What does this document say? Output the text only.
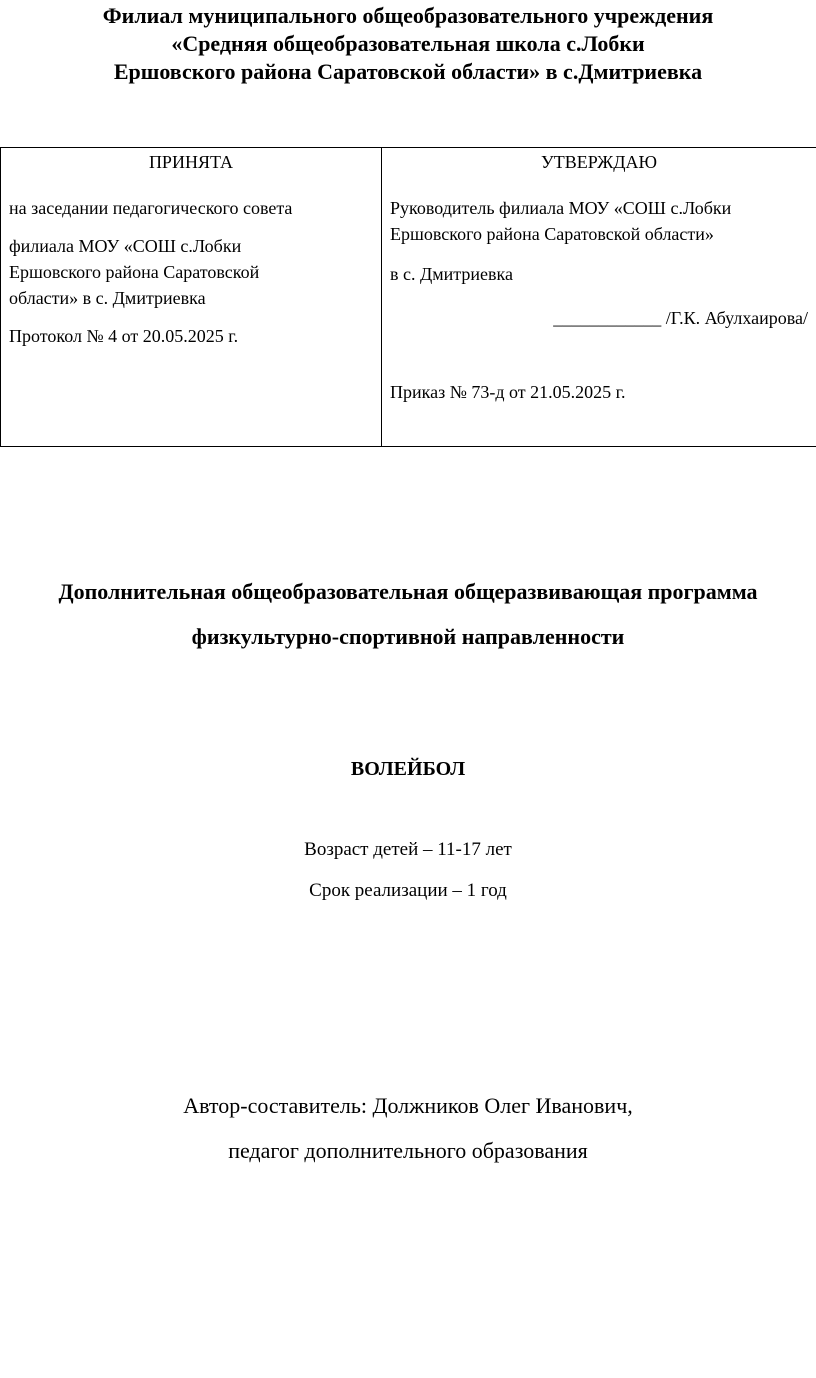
Филиал муниципального общеобразовательного учреждения
«Средняя общеобразовательная школа с.Лобки
Ершовского района Саратовской области» в с.Дмитриевка
ПРИНЯТА

на заседании педагогического совета

филиала МОУ «СОШ с.Лобки

Ершовского района Саратовской

области» в с. Дмитриевка

Протокол № 4 от 20.05.2025 г.

УТВЕРЖДАЮ

Руководитель филиала МОУ «СОШ с.Лобки

Ершовского района Саратовской области»

в с. Дмитриевка

____________ /Г.К. Абулхаирова/

Приказ № 73-д от 21.05.2025 г.

Дополнительная общеобразовательная общеразвивающая программа
физкультурно-спортивной направленности
ВОЛЕЙБОЛ
Возраст детей – 11-17 лет
Срок реализации – 1 год
Автор-составитель: Должников Олег Иванович,
педагог дополнительного образования
